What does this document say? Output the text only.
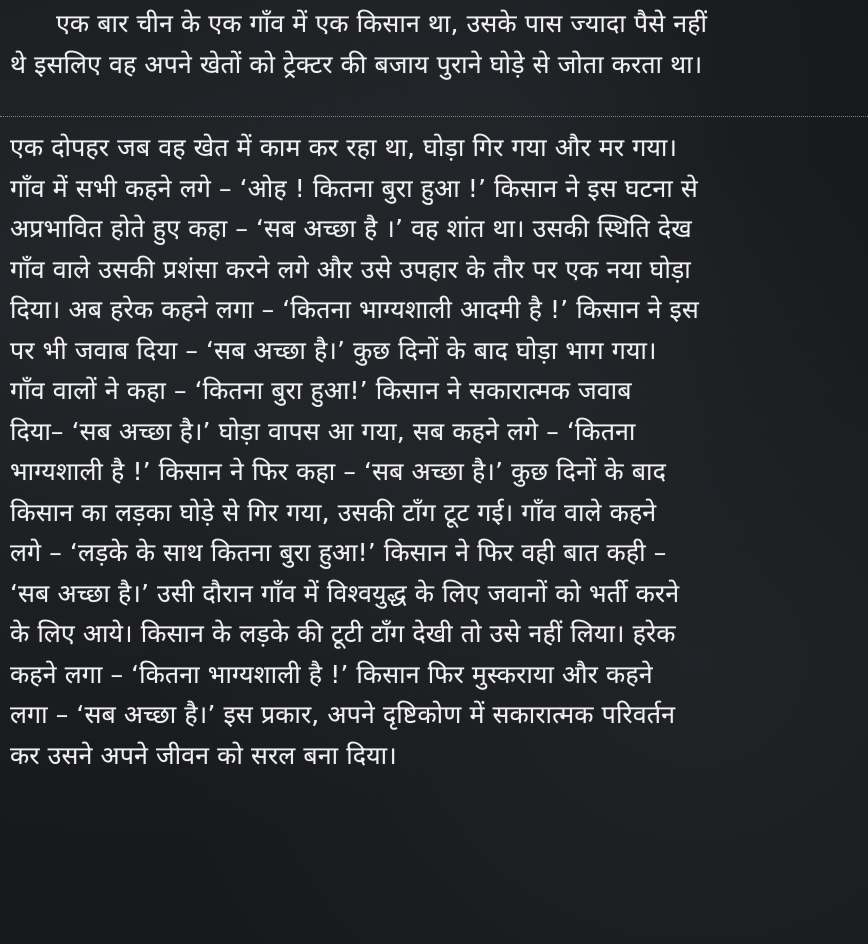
एक बार चीन के एक गाँव में एक किसान था, उसके पास ज्यादा पैसे नहीं
थे इसलिए वह अपने खेतों को ट्रेक्टर की बजाय पुराने घोड़े से जोता करता था।
एक दोपहर जब वह खेत में काम कर रहा था, घोड़ा गिर गया और मर गया।
गाँव में सभी कहने लगे – ‘ओह ! कितना बुरा हुआ !’ किसान ने इस घटना से
अप्रभावित होते हुए कहा – ‘सब अच्छा है ।’ वह शांत था। उसकी स्थिति देख
गाँव वाले उसकी प्रशंसा करने लगे और उसे उपहार के तौर पर एक नया घोड़ा
दिया। अब हरेक कहने लगा – ‘कितना भाग्यशाली आदमी है !’ किसान ने इस
पर भी जवाब दिया – ‘सब अच्छा है।’ कुछ दिनों के बाद घोड़ा भाग गया।
गाँव वालों ने कहा – ‘कितना बुरा हुआ!’ किसान ने सकारात्मक जवाब
दिया– ‘सब अच्छा है।’ घोड़ा वापस आ गया, सब कहने लगे – ‘कितना
भाग्यशाली है !’ किसान ने फिर कहा – ‘सब अच्छा है।’ कुछ दिनों के बाद
किसान का लड़का घोड़े से गिर गया, उसकी टाँग टूट गई। गाँव वाले कहने
लगे – ‘लड़के के साथ कितना बुरा हुआ!’ किसान ने फिर वही बात कही –
‘सब अच्छा है।’ उसी दौरान गाँव में विश्वयुद्ध के लिए जवानों को भर्ती करने
के लिए आये। किसान के लड़के की टूटी टाँग देखी तो उसे नहीं लिया। हरेक
कहने लगा – ‘कितना भाग्यशाली है !’ किसान फिर मुस्कराया और कहने
लगा – ‘सब अच्छा है।’ इस प्रकार, अपने दृष्टिकोण में सकारात्मक परिवर्तन
कर उसने अपने जीवन को सरल बना दिया।
